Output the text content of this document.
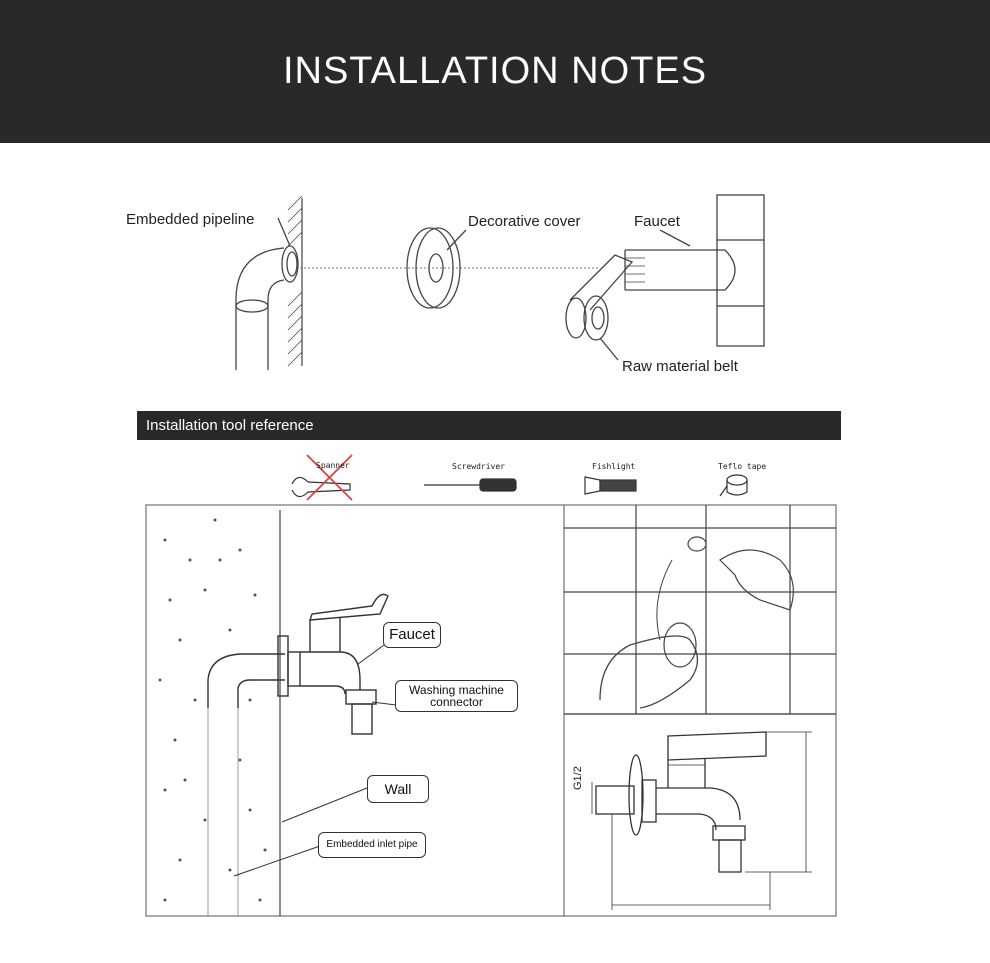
INSTALLATION NOTES
Embedded pipeline	Decorative cover	Faucet
Raw material belt
Installation tool reference
Spanner	Screwdriver	Fishlight	Teflo tape
Faucet
Washing machine
connector
Wall
Embedded inlet pipe
G1/2
